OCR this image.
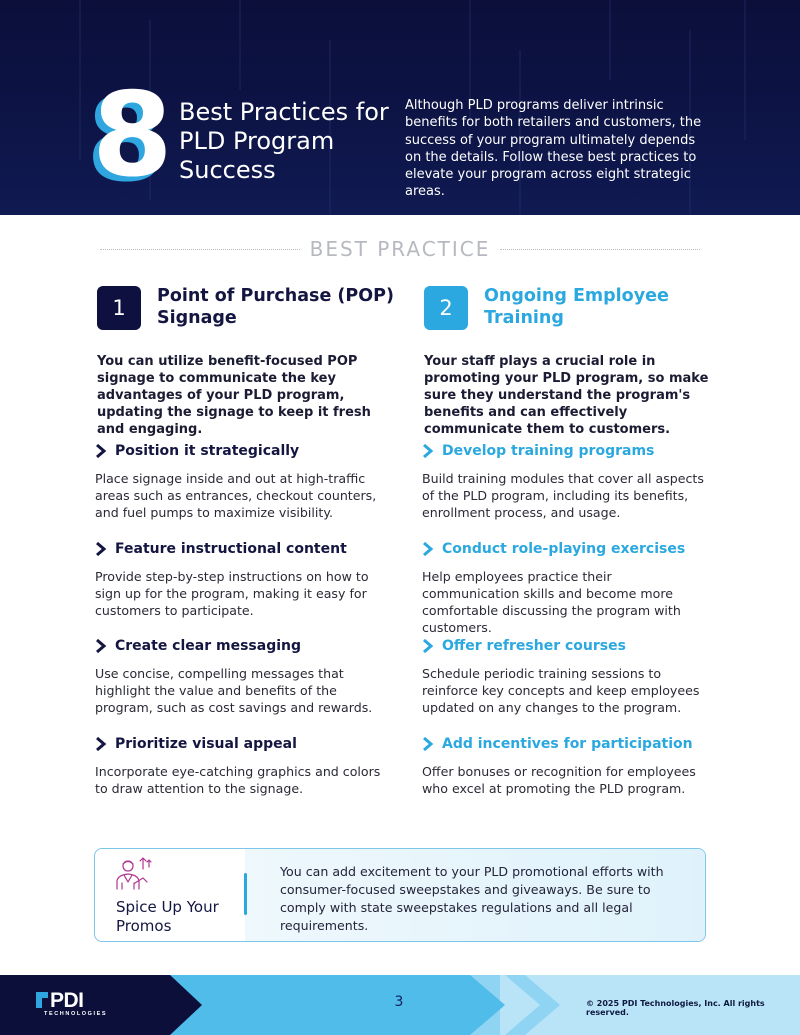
8 Best Practices for PLD Program Success
Although PLD programs deliver intrinsic benefits for both retailers and customers, the success of your program ultimately depends on the details. Follow these best practices to elevate your program across eight strategic areas.
BEST PRACTICE
1	Point of Purchase (POP) Signage
You can utilize benefit-focused POP signage to communicate the key advantages of your PLD program, updating the signage to keep it fresh and engaging.
Position it strategically
Place signage inside and out at high-traffic areas such as entrances, checkout counters, and fuel pumps to maximize visibility.
Feature instructional content
Provide step-by-step instructions on how to sign up for the program, making it easy for customers to participate.
Create clear messaging
Use concise, compelling messages that highlight the value and benefits of the program, such as cost savings and rewards.
Prioritize visual appeal
Incorporate eye-catching graphics and colors to draw attention to the signage.
2	Ongoing Employee Training
Your staff plays a crucial role in promoting your PLD program, so make sure they understand the program's benefits and can effectively communicate them to customers.
Develop training programs
Build training modules that cover all aspects of the PLD program, including its benefits, enrollment process, and usage.
Conduct role-playing exercises
Help employees practice their communication skills and become more comfortable discussing the program with customers.
Offer refresher courses
Schedule periodic training sessions to reinforce key concepts and keep employees updated on any changes to the program.
Add incentives for participation
Offer bonuses or recognition for employees who excel at promoting the PLD program.
Spice Up Your Promos
You can add excitement to your PLD promotional efforts with consumer-focused sweepstakes and giveaways. Be sure to comply with state sweepstakes regulations and all legal requirements.
PDI
TECHNOLOGIES
3	© 2025 PDI Technologies, Inc. All rights reserved.
